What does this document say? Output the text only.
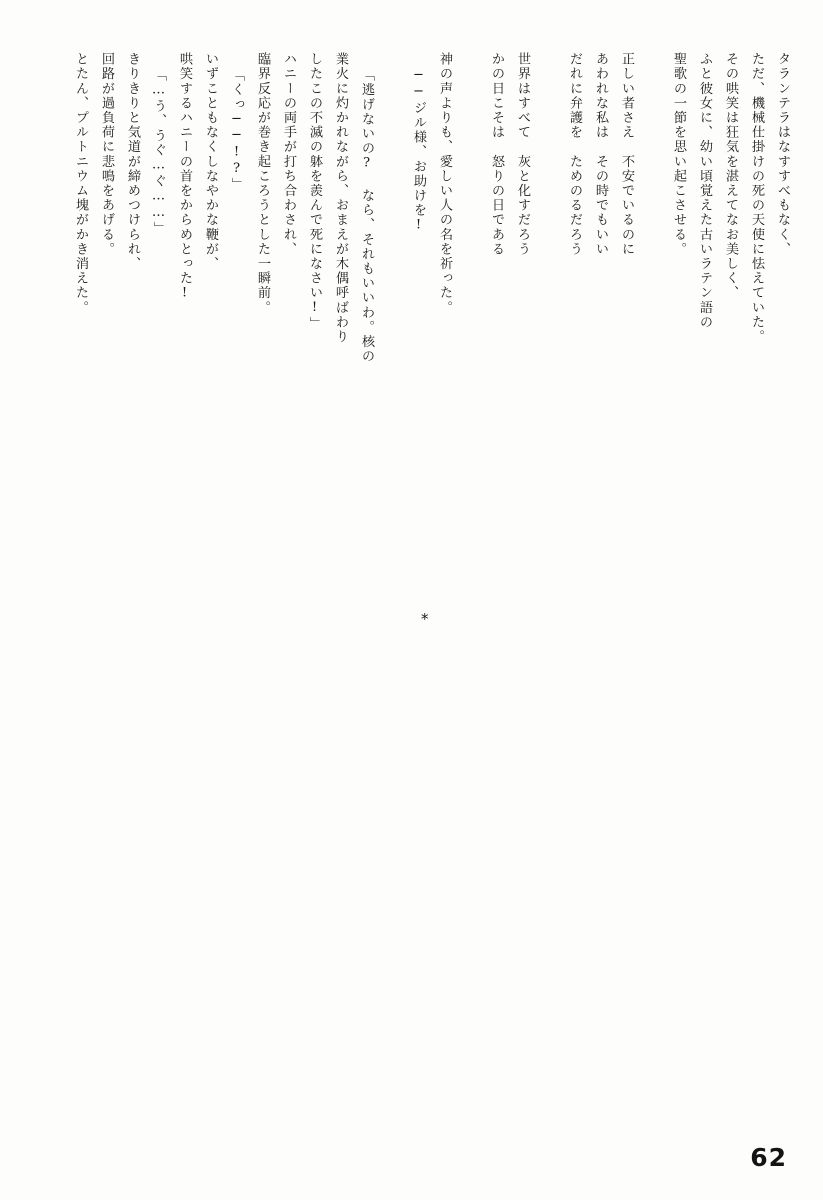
タランテラはなすすべもなく、
ただ、機械仕掛けの死の天使に怯えていた。
その哄笑は狂気を湛えてなお美しく、
ふと彼女に、幼い頃覚えた古いラテン語の
聖歌の一節を思い起こさせる。
正しい者さえ　不安でいるのに
あわれな私は　その時でもいい
だれに弁護を　ためのるだろう
世界はすべて　灰と化すだろう
かの日こそは　怒りの日である
神の声よりも、愛しい人の名を祈った。
──ジル様、お助けを!
「逃げないの? なら、それもいいわ。核の
業火に灼かれながら、おまえが木偶呼ばわり
したこの不滅の躰を羨んで死になさい!」
ハニーの両手が打ち合わされ、
臨界反応が巻き起ころうとした一瞬前。
「くっ──!?」
いずこともなくしなやかな鞭が、
哄笑するハニーの首をからめとった!
「…う、うぐ…ぐ……」
きりきりと気道が締めつけられ、
回路が過負荷に悲鳴をあげる。
とたん、プルトニウム塊がかき消えた。
*
62
